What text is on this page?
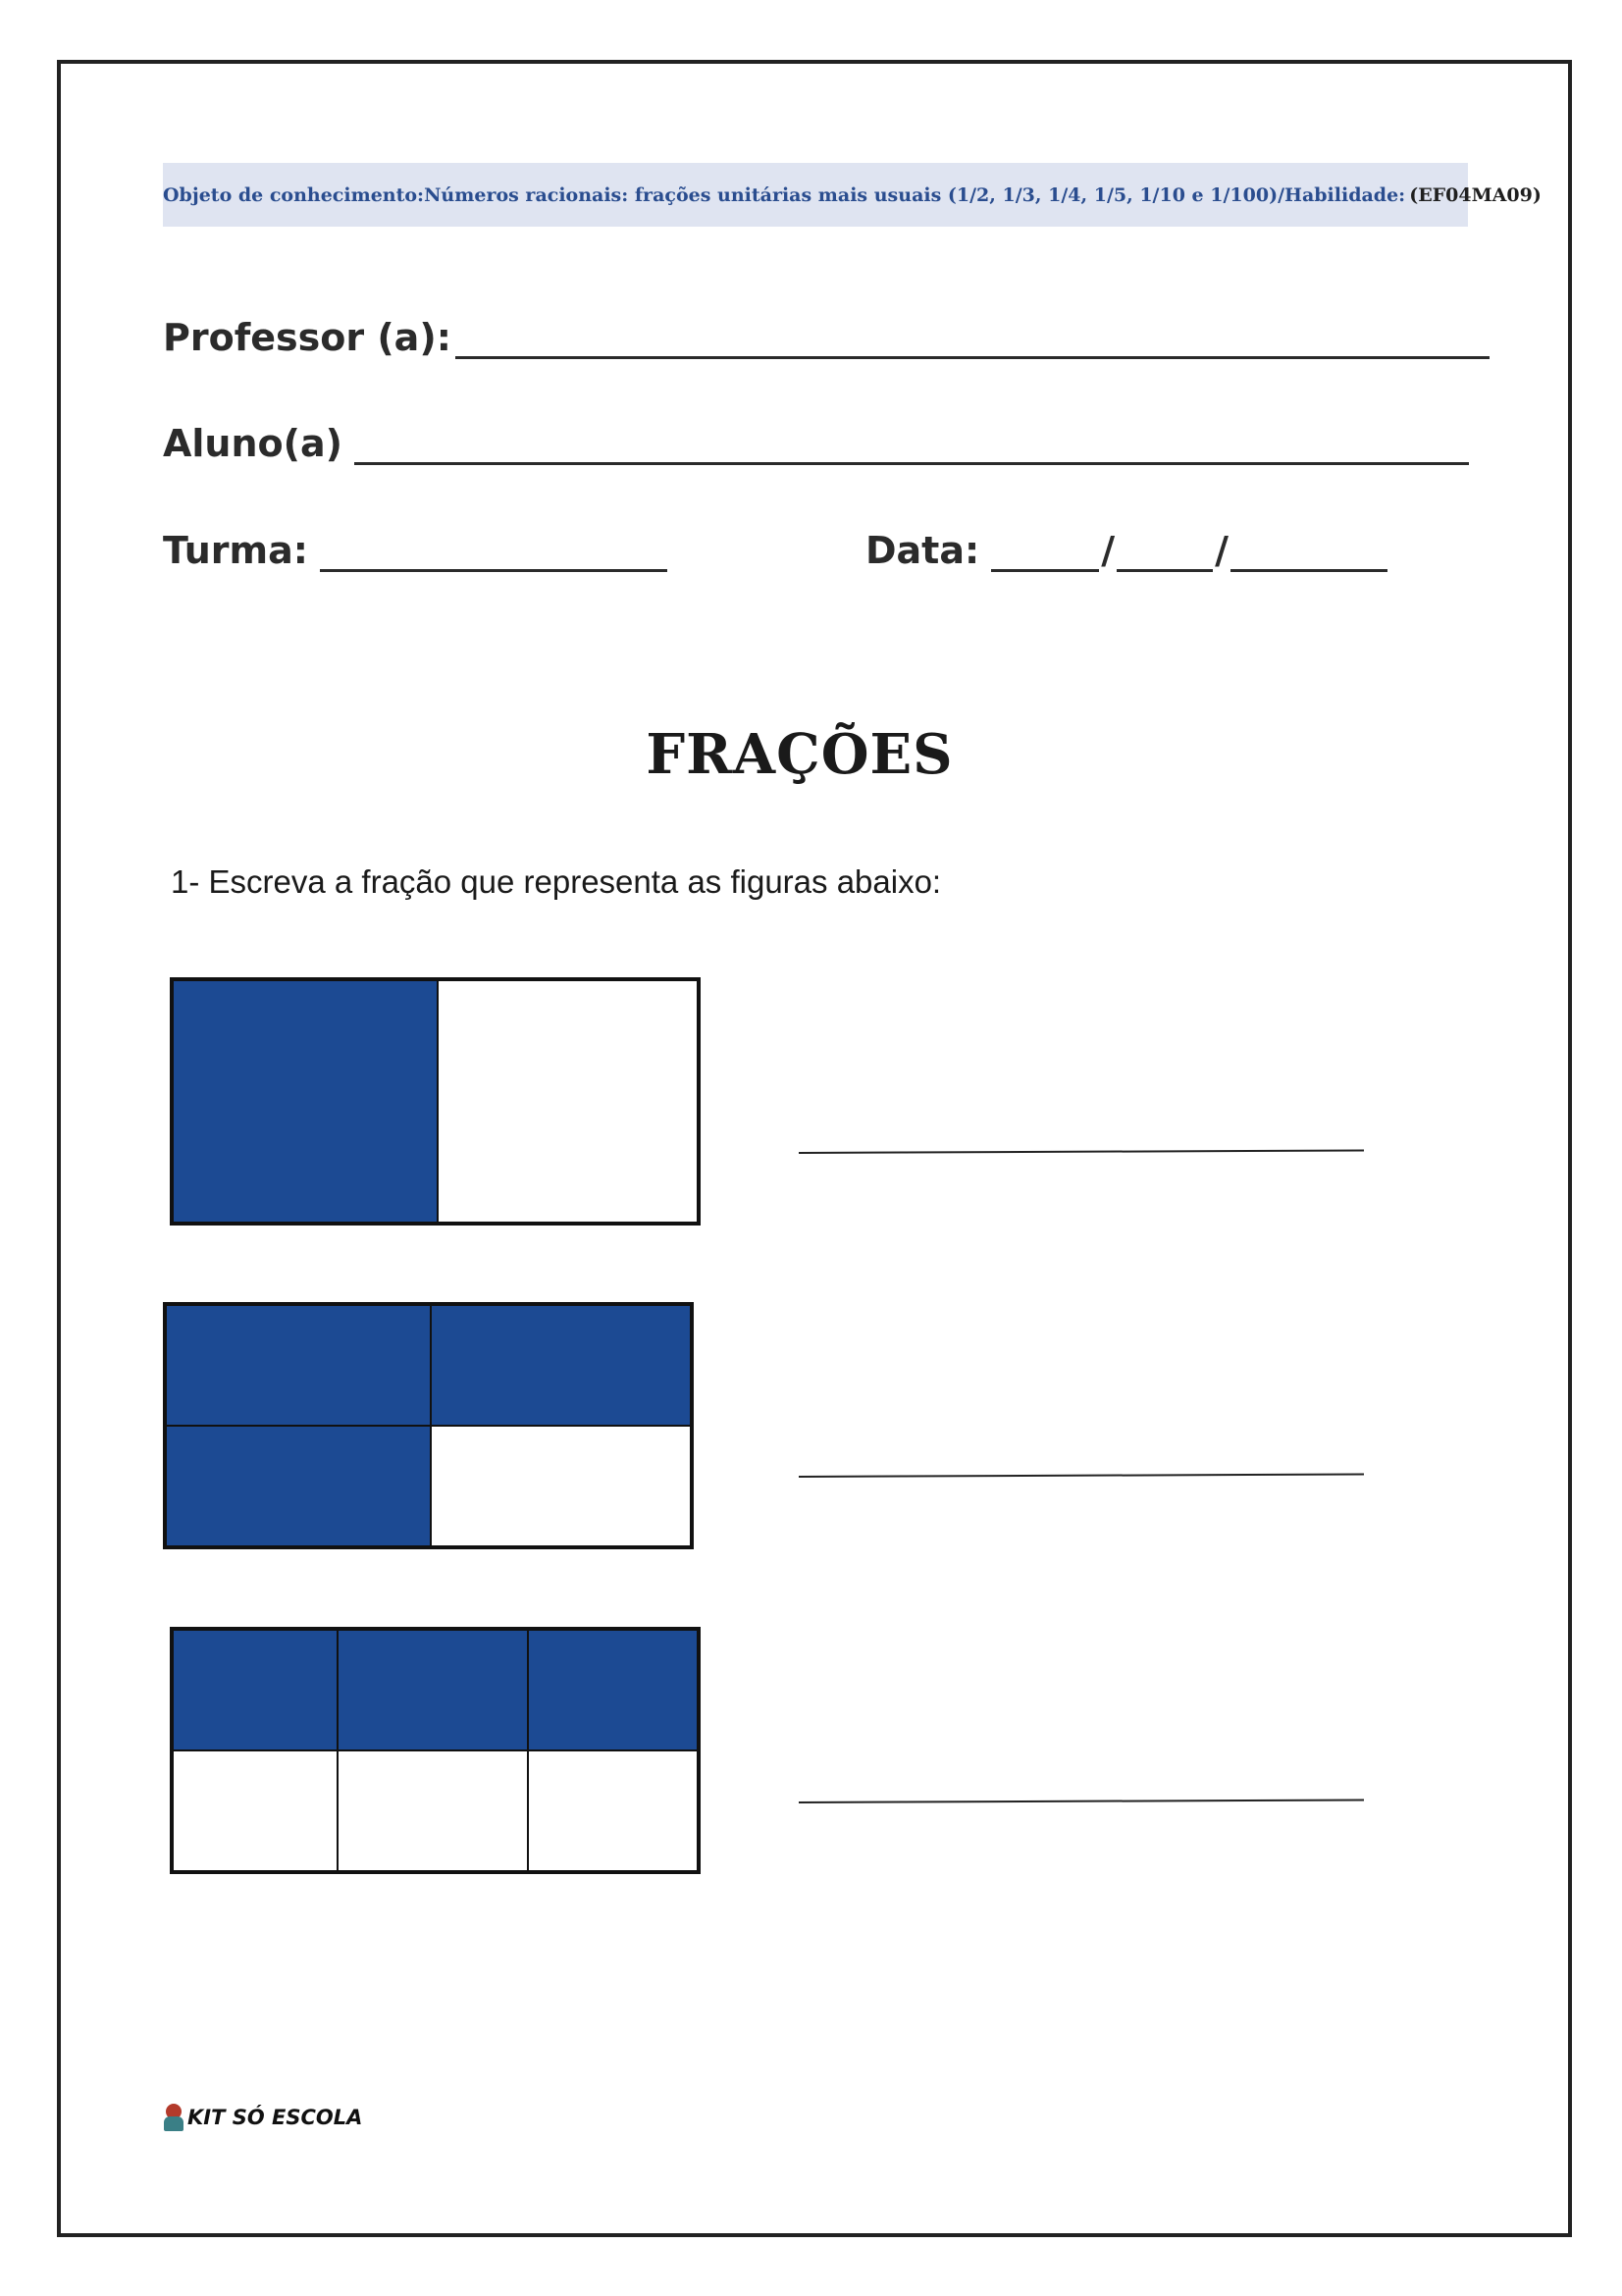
Objeto de conhecimento:Números racionais: frações unitárias mais usuais (1/2, 1/3, 1/4, 1/5, 1/10 e 1/100)/Habilidade: (EF04MA09)
Professor (a):
Aluno(a)
Turma:	Data:	/	/
FRAÇÕES
1- Escreva a fração que representa as figuras abaixo:
KIT SÓ ESCOLA
